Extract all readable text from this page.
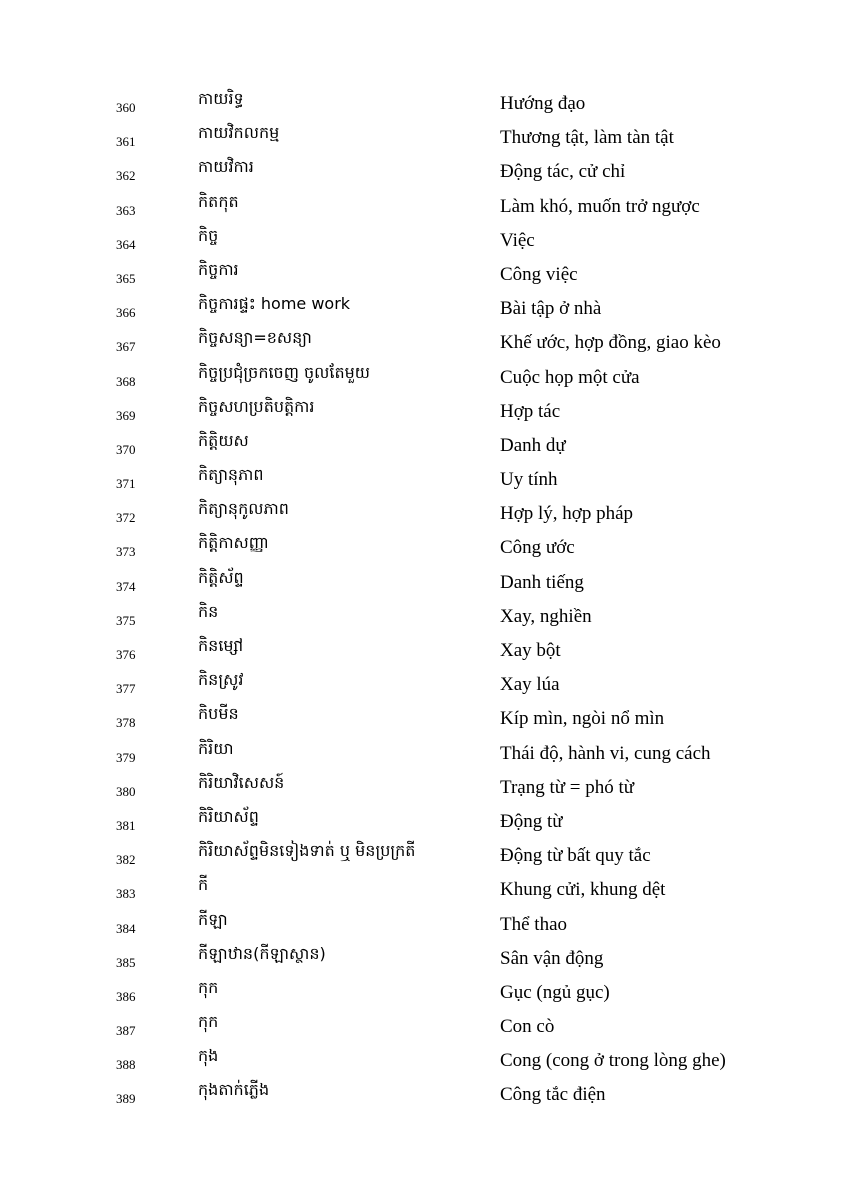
360	កាយរិទ្ធ	Hướng đạo
361	កាយវិកលកម្ម	Thương tật, làm tàn tật
362	កាយវិការ	Động tác, cử chỉ
363	កិតកុត	Làm khó, muốn trở ngược
364	កិច្ច	Việc
365	កិច្ចការ	Công việc
366	កិច្ចការផ្ទះ home work	Bài tập ở nhà
367	កិច្ចសន្យា=ខសន្យា	Khế ước, hợp đồng, giao kèo
368	កិច្ចប្រជុំច្រកចេញ ចូលតែមួយ	Cuộc họp một cửa
369	កិច្ចសហប្រតិបត្តិការ	Hợp tác
370	កិត្តិយស	Danh dự
371	កិត្យានុភាព	Uy tính
372	កិត្យានុកូលភាព	Hợp lý, hợp pháp
373	កិត្តិកាសញ្ញា	Công ước
374	កិត្តិស័ព្ទ	Danh tiếng
375	កិន	Xay, nghiền
376	កិនម្សៅ	Xay bột
377	កិនស្រូវ	Xay lúa
378	កិបមីន	Kíp mìn, ngòi nổ mìn
379	កិរិយា	Thái độ, hành vi, cung cách
380	កិរិយាវិសេសន៍	Trạng từ = phó từ
381	កិរិយាស័ព្ទ	Động từ
382	កិរិយាស័ព្ទមិនទៀងទាត់ ឬ មិនប្រក្រតី	Động từ bất quy tắc
383	កី	Khung cửi, khung dệt
384	កីឡា	Thể thao
385	កីឡាឋាន(កីឡាស្ថាន)	Sân vận động
386	កុក	Gục (ngủ gục)
387	កុក	Con cò
388	កុង	Cong (cong ở trong lòng ghe)
389	កុងតាក់ភ្លើង	Công tắc điện
